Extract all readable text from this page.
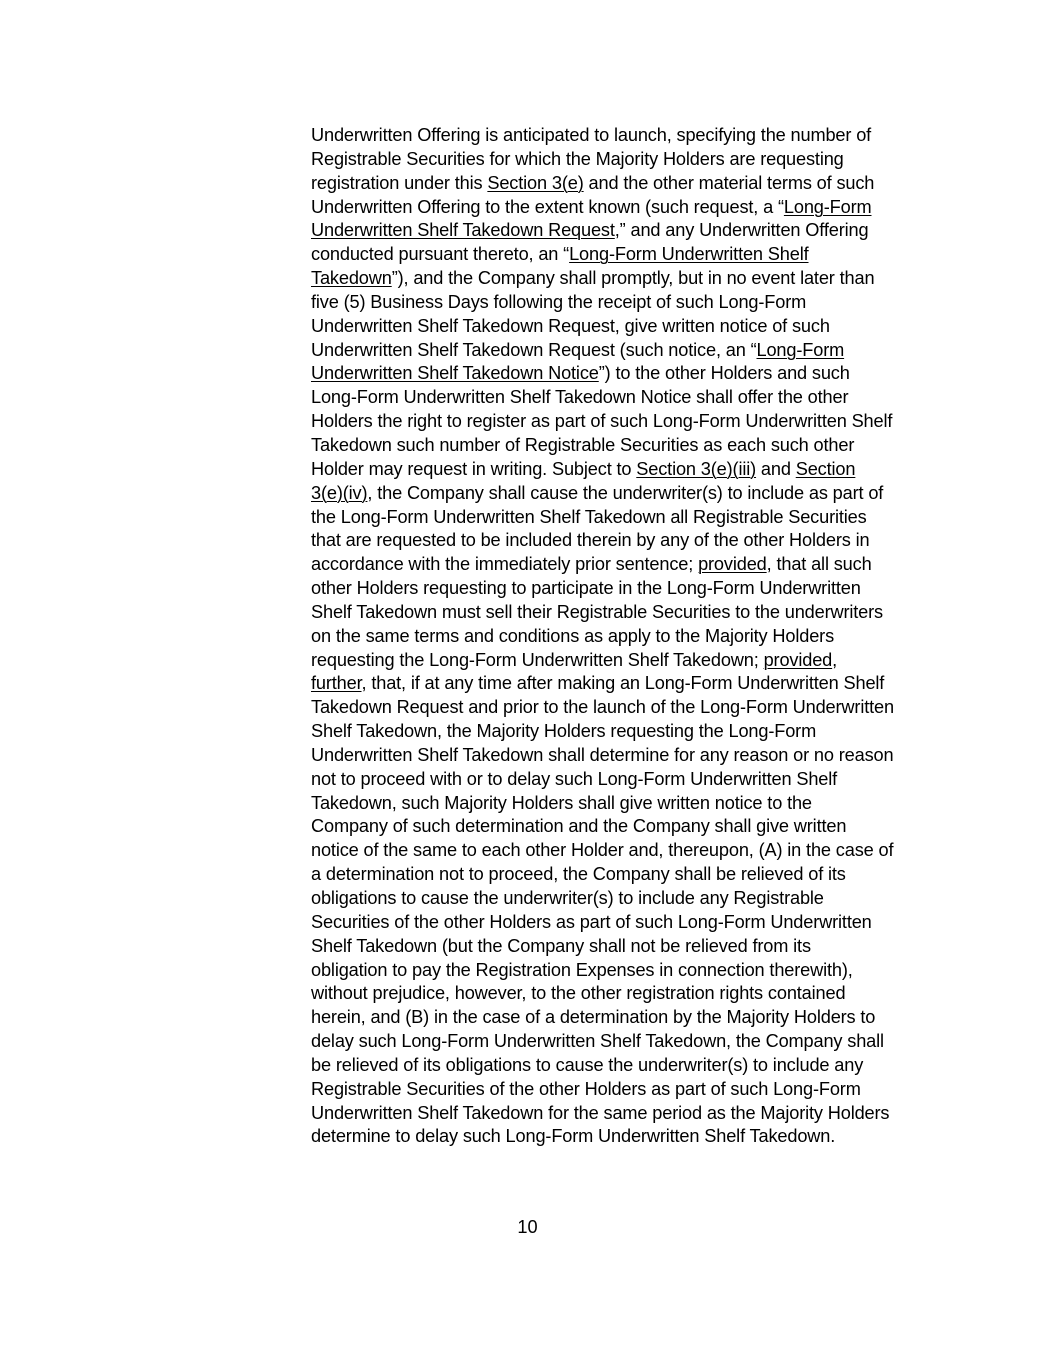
Underwritten Offering is anticipated to launch, specifying the number of
Registrable Securities for which the Majority Holders are requesting
registration under this Section 3(e) and the other material terms of such
Underwritten Offering to the extent known (such request, a “Long-Form
Underwritten Shelf Takedown Request,” and any Underwritten Offering
conducted pursuant thereto, an “Long-Form Underwritten Shelf
Takedown”), and the Company shall promptly, but in no event later than
five (5) Business Days following the receipt of such Long-Form
Underwritten Shelf Takedown Request, give written notice of such
Underwritten Shelf Takedown Request (such notice, an “Long-Form
Underwritten Shelf Takedown Notice”) to the other Holders and such
Long-Form Underwritten Shelf Takedown Notice shall offer the other
Holders the right to register as part of such Long-Form Underwritten Shelf
Takedown such number of Registrable Securities as each such other
Holder may request in writing. Subject to Section 3(e)(iii) and Section
3(e)(iv), the Company shall cause the underwriter(s) to include as part of
the Long-Form Underwritten Shelf Takedown all Registrable Securities
that are requested to be included therein by any of the other Holders in
accordance with the immediately prior sentence; provided, that all such
other Holders requesting to participate in the Long-Form Underwritten
Shelf Takedown must sell their Registrable Securities to the underwriters
on the same terms and conditions as apply to the Majority Holders
requesting the Long-Form Underwritten Shelf Takedown; provided,
further, that, if at any time after making an Long-Form Underwritten Shelf
Takedown Request and prior to the launch of the Long-Form Underwritten
Shelf Takedown, the Majority Holders requesting the Long-Form
Underwritten Shelf Takedown shall determine for any reason or no reason
not to proceed with or to delay such Long-Form Underwritten Shelf
Takedown, such Majority Holders shall give written notice to the
Company of such determination and the Company shall give written
notice of the same to each other Holder and, thereupon, (A) in the case of
a determination not to proceed, the Company shall be relieved of its
obligations to cause the underwriter(s) to include any Registrable
Securities of the other Holders as part of such Long-Form Underwritten
Shelf Takedown (but the Company shall not be relieved from its
obligation to pay the Registration Expenses in connection therewith),
without prejudice, however, to the other registration rights contained
herein, and (B) in the case of a determination by the Majority Holders to
delay such Long-Form Underwritten Shelf Takedown, the Company shall
be relieved of its obligations to cause the underwriter(s) to include any
Registrable Securities of the other Holders as part of such Long-Form
Underwritten Shelf Takedown for the same period as the Majority Holders
determine to delay such Long-Form Underwritten Shelf Takedown.
10
